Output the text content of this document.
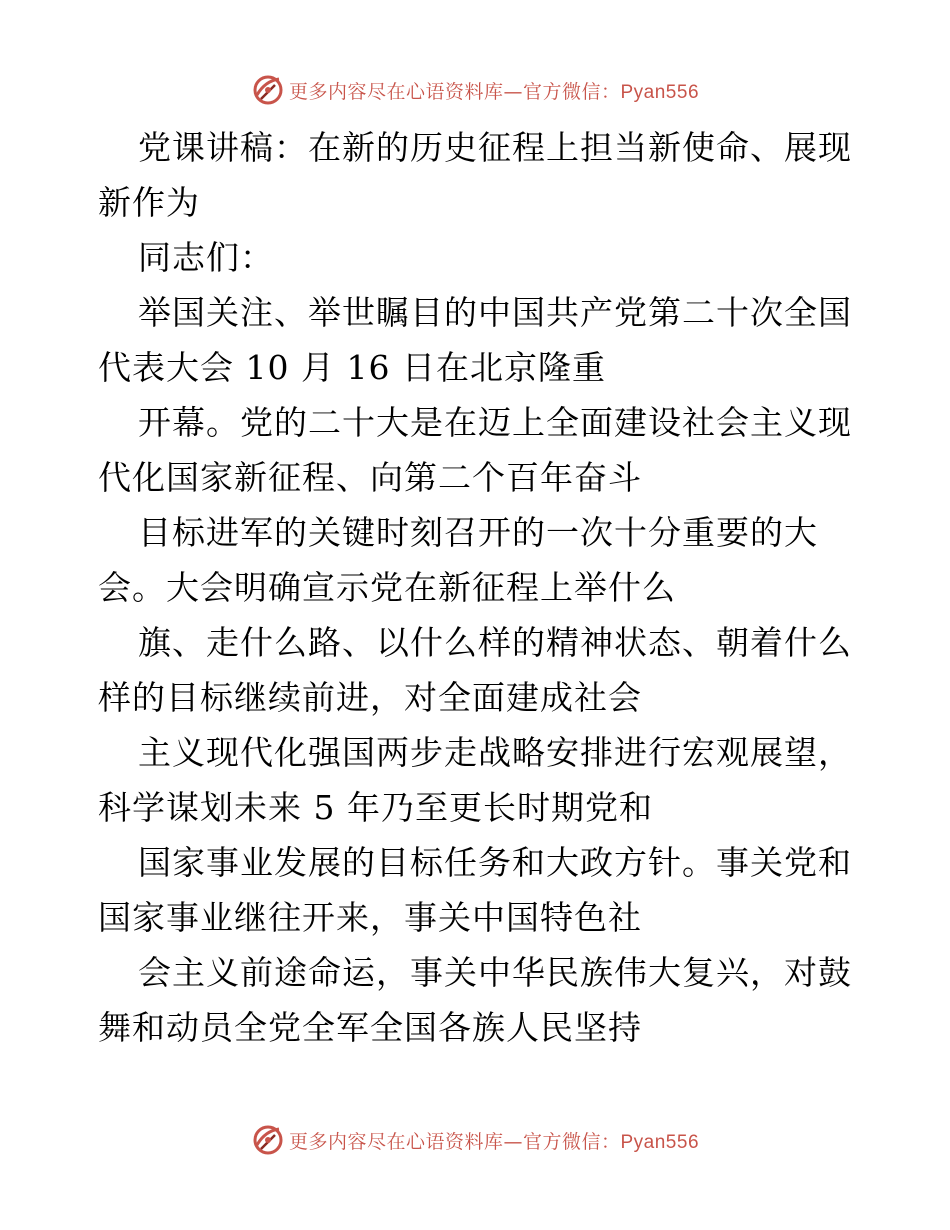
更多内容尽在心语资料库—官方微信：Pyan556
党课讲稿：在新的历史征程上担当新使命、展现
新作为
同志们：
举国关注、举世瞩目的中国共产党第二十次全国
代表大会 10 月 16 日在北京隆重
开幕。党的二十大是在迈上全面建设社会主义现
代化国家新征程、向第二个百年奋斗
目标进军的关键时刻召开的一次十分重要的大
会。大会明确宣示党在新征程上举什么
旗、走什么路、以什么样的精神状态、朝着什么
样的目标继续前进，对全面建成社会
主义现代化强国两步走战略安排进行宏观展望，
科学谋划未来 5 年乃至更长时期党和
国家事业发展的目标任务和大政方针。事关党和
国家事业继往开来，事关中国特色社
会主义前途命运，事关中华民族伟大复兴，对鼓
舞和动员全党全军全国各族人民坚持
更多内容尽在心语资料库—官方微信：Pyan556
